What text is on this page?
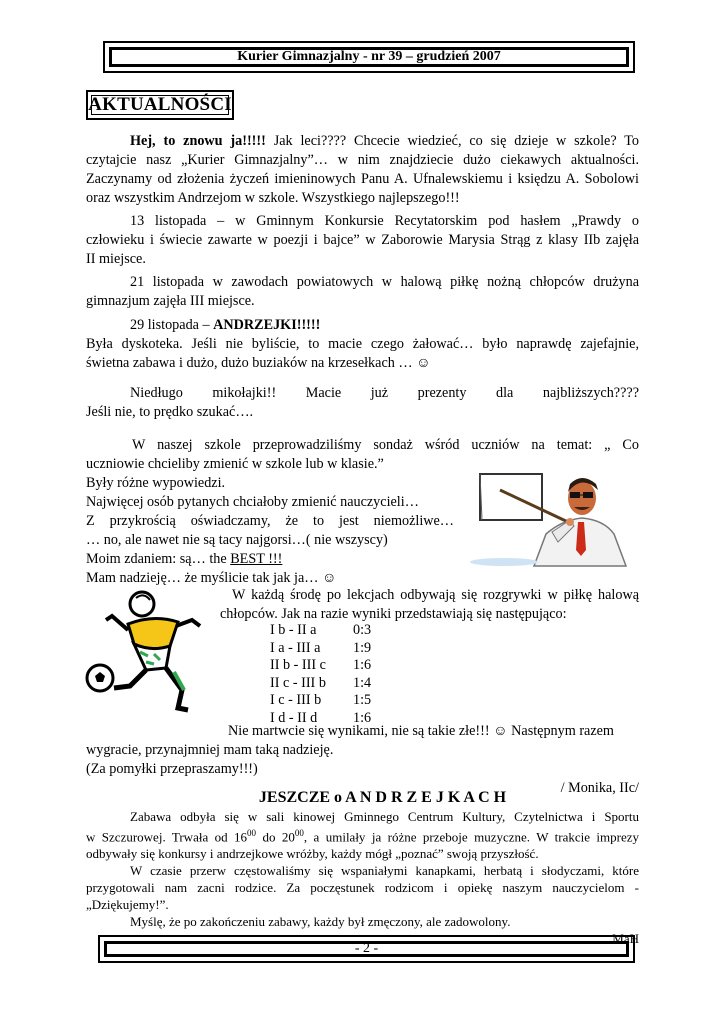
Kurier Gimnazjalny - nr 39 – grudzień 2007
AKTUALNOŚCI

Hej, to znowu ja!!!!! Jak leci???? Chcecie wiedzieć, co się dzieje w szkole? To

czytajcie nasz „Kurier Gimnazjalny”… w nim znajdziecie dużo ciekawych aktualności.

Zaczynamy od złożenia życzeń imieninowych Panu A. Ufnalewskiemu i księdzu A. Sobolowi

oraz wszystkim Andrzejom w szkole. Wszystkiego najlepszego!!!

13 listopada – w Gminnym Konkursie Recytatorskim pod hasłem „Prawdy o

człowieku i świecie zawarte w poezji i bajce” w Zaborowie Marysia Strąg z klasy IIb zajęła

II miejsce.

21 listopada w zawodach powiatowych w halową piłkę nożną chłopców drużyna

gimnazjum zajęła III miejsce.

29 listopada – ANDRZEJKI!!!!!

Była dyskoteka. Jeśli nie byliście, to macie czego żałować… było naprawdę zajefajnie,

świetna zabawa i dużo, dużo buziaków na krzesełkach … ☺

Niedługo mikołajki!! Macie już prezenty dla najbliższych????

Jeśli nie, to prędko szukać….

W naszej szkole przeprowadziliśmy sondaż wśród uczniów na temat: „ Co

uczniowie chcieliby zmienić w szkole lub w klasie.”

Były różne wypowiedzi.

Najwięcej osób pytanych chciałoby zmienić nauczycieli…

Z przykrością oświadczamy, że to jest niemożliwe…

… no, ale nawet nie są tacy najgorsi…( nie wszyscy)

Moim zdaniem: są… the BEST !!!

Mam nadzieję… że myślicie tak jak ja… ☺

W każdą środę po lekcjach odbywają się rozgrywki w piłkę halową

chłopców. Jak na razie wyniki przedstawiają się następująco:

I b - II a	0:3
I a - III a	1:9
II b - III c	1:6
II c - III b	1:4
I c - III b	1:5
I d - II d	1:6

Nie martwcie się wynikami, nie są takie złe!!! ☺ Następnym razem

wygracie, przynajmniej mam taką nadzieję.

(Za pomyłki przepraszamy!!!)

/ Monika, IIc/

JESZCZE o A N D R Z E J K A C H

Zabawa odbyła się w sali kinowej Gminnego Centrum Kultury, Czytelnictwa i Sportu

w Szczurowej. Trwała od $16^{00}$ do $20^{00}$, a umilały ja różne przeboje muzyczne. W trakcie imprezy

odbywały się konkursy i andrzejkowe wróżby, każdy mógł „poznać” swoją przyszłość.

W czasie przerw częstowaliśmy się wspaniałymi kanapkami, herbatą i słodyczami, które

przygotowali nam zacni rodzice. Za poczęstunek rodzicom i opiekę naszym nauczycielom -

„Dziękujemy!”.

Myślę, że po zakończeniu zabawy, każdy był zmęczony, ale zadowolony.

MaH

- 2 -
